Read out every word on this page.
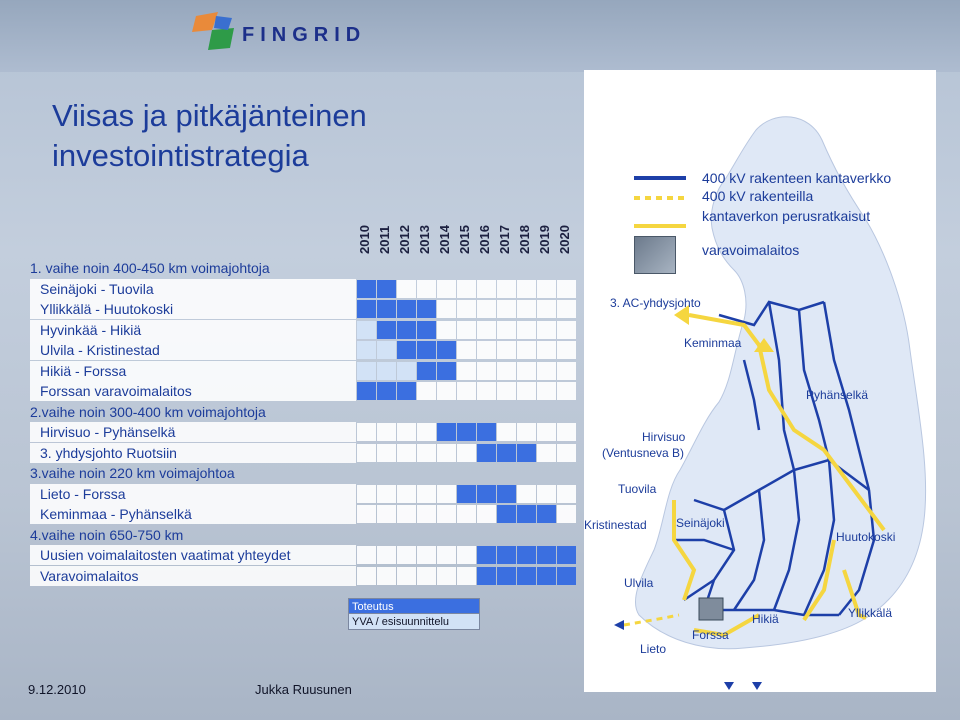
FINGRID
Viisas ja pitkäjänteinen
investointistrategia
2010 2011 2012 2013 2014 2015 2016 2017 2018 2019 2020
1. vaihe noin 400-450 km voimajohtoja
Seinäjoki - Tuovila
Yllikkälä - Huutokoski
Hyvinkää - Hikiä
Ulvila - Kristinestad
Hikiä - Forssa
Forssan varavoimalaitos
2.vaihe noin 300-400 km voimajohtoja
Hirvisuo - Pyhänselkä
3. yhdysjohto Ruotsiin
3.vaihe noin 220 km voimajohtoa
Lieto - Forssa
Keminmaa - Pyhänselkä
4.vaihe noin 650-750 km
Uusien voimalaitosten vaatimat yhteydet
Varavoimalaitos
Toteutus
YVA / esisuunnittelu
9.12.2010	Jukka Ruusunen
3. AC-yhdysjohto
Keminmaa
Pyhänselkä
Hirvisuo
(Ventusneva B)
Tuovila
Kristinestad Seinäjoki
Huutokoski
Ulvila
Hikiä	Yllikkälä
Forssa
Lieto
400 kV rakenteen kantaverkko
400 kV rakenteilla
kantaverkon perusratkaisut
varavoimalaitos
